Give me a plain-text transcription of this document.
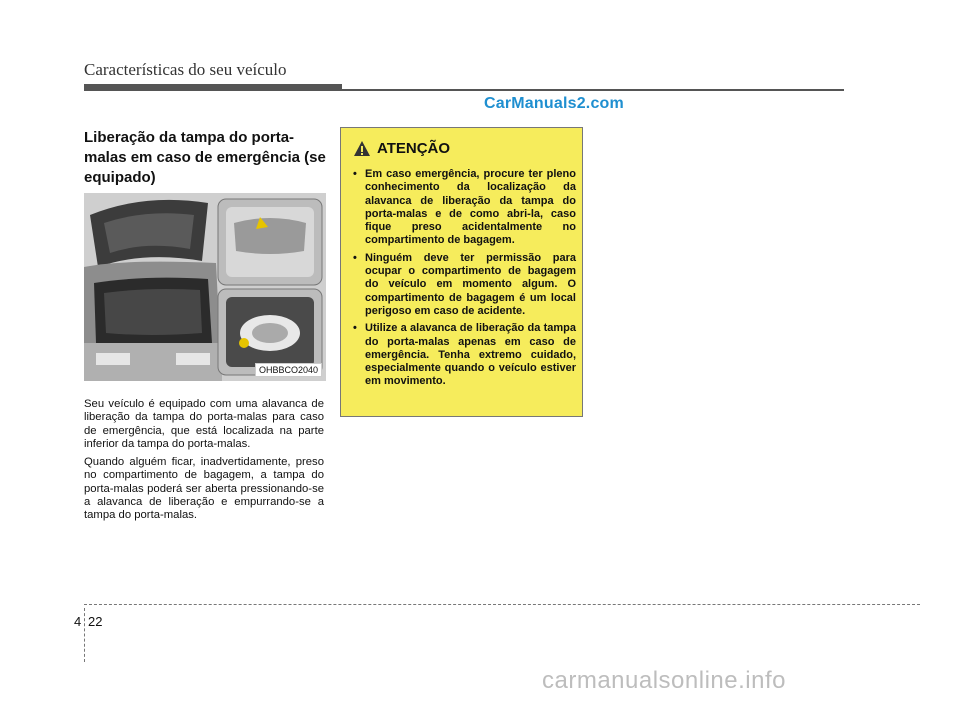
Características do seu veículo
CarManuals2.com
Liberação da tampa do porta-malas em caso de emergência (se equipado)
OHBBCO2040

Seu veículo é equipado com uma alavanca de liberação da tampa do porta-malas para caso de emergência, que está localizada na parte inferior da tampa do porta-malas.

Quando alguém ficar, inadvertidamente, preso no compartimento de bagagem, a tampa do porta-malas poderá ser aberta pressionando-se a alavanca de liberação e empurrando-se a tampa do porta-malas.

ATENÇÃO
• Em caso emergência, procure ter pleno conhecimento da localização da alavanca de liberação da tampa do porta-malas e de como abri-la, caso fique preso acidentalmente no compartimento de bagagem.
• Ninguém deve ter permissão para ocupar o compartimento de bagagem do veículo em momento algum. O compartimento de bagagem é um local perigoso em caso de acidente.
• Utilize a alavanca de liberação da tampa do porta-malas apenas em caso de emergência. Tenha extremo cuidado, especialmente quando o veículo estiver em movimento.
4 22
carmanualsonline.info
